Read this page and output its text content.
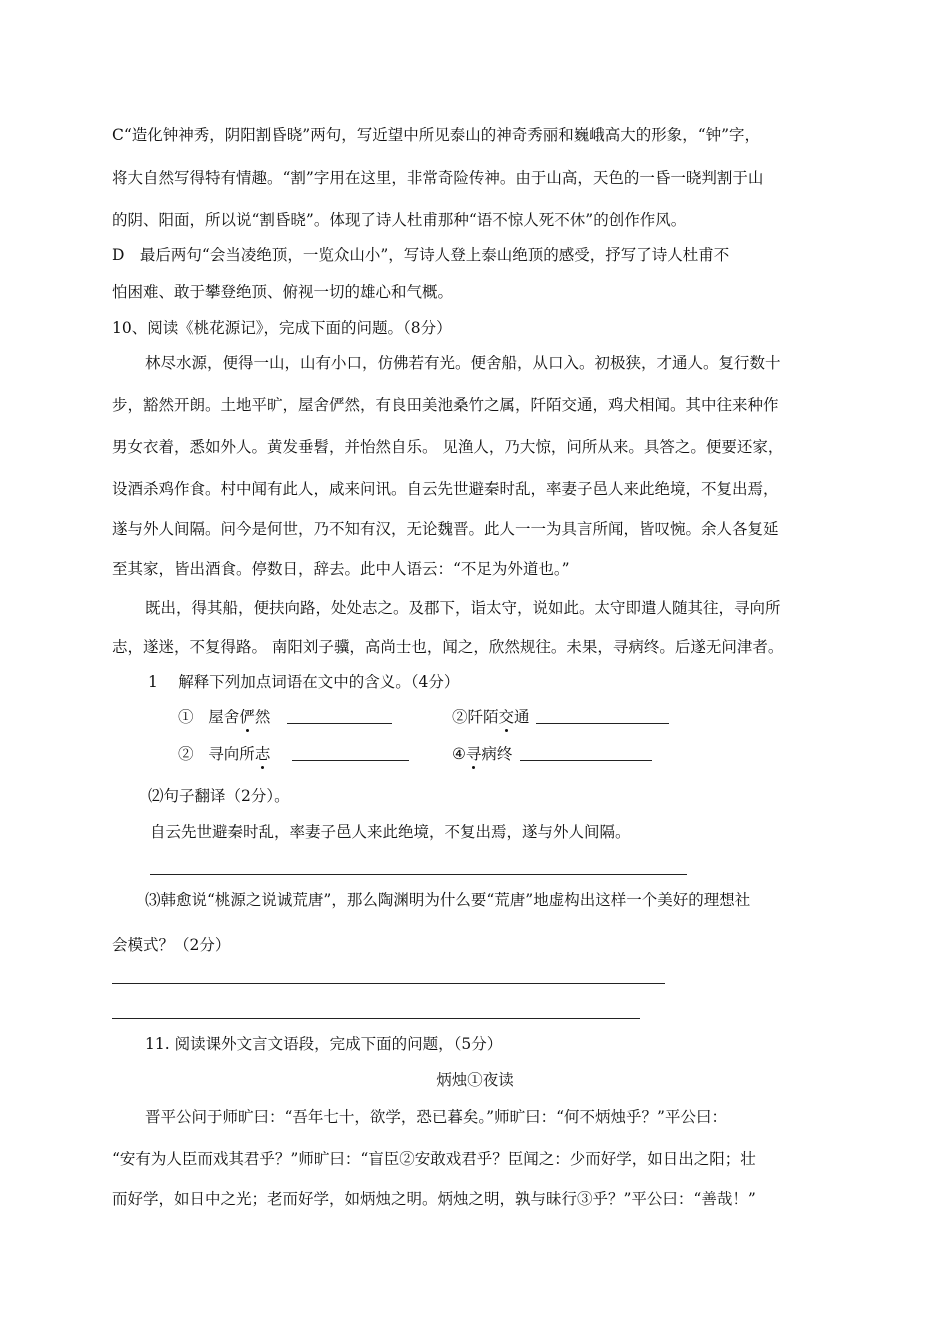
C“造化钟神秀，阴阳割昏晓”两句，写近望中所见泰山的神奇秀丽和巍峨高大的形象，“钟”字，
将大自然写得特有情趣。“割”字用在这里，非常奇险传神。由于山高，天色的一昏一晓判割于山
的阴、阳面，所以说“割昏晓”。体现了诗人杜甫那种“语不惊人死不休”的创作作风。
D　最后两句“会当凌绝顶，一览众山小”，写诗人登上泰山绝顶的感受，抒写了诗人杜甫不
怕困难、敢于攀登绝顶、俯视一切的雄心和气概。
10、阅读《桃花源记》，完成下面的问题。（8分）
林尽水源，便得一山，山有小口，仿佛若有光。便舍船，从口入。初极狭，才通人。复行数十
步，豁然开朗。土地平旷，屋舍俨然，有良田美池桑竹之属，阡陌交通，鸡犬相闻。其中往来种作
男女衣着，悉如外人。黄发垂髫，并怡然自乐。 见渔人，乃大惊，问所从来。具答之。便要还家，
设酒杀鸡作食。村中闻有此人，咸来问讯。自云先世避秦时乱，率妻子邑人来此绝境，不复出焉，
遂与外人间隔。问今是何世，乃不知有汉，无论魏晋。此人一一为具言所闻，皆叹惋。余人各复延
至其家，皆出酒食。停数日，辞去。此中人语云：“不足为外道也。”
既出，得其船，便扶向路，处处志之。及郡下，诣太守，说如此。太守即遣人随其往，寻向所
志，遂迷，不复得路。 南阳刘子骥，高尚士也，闻之，欣然规往。未果，寻病终。后遂无问津者。
1　 解释下列加点词语在文中的含义。（4分）
① 屋舍俨然	②阡陌交通
② 寻向所志	④寻病终
⑵句子翻译（2分）。
自云先世避秦时乱，率妻子邑人来此绝境，不复出焉，遂与外人间隔。
⑶韩愈说“桃源之说诚荒唐”，那么陶渊明为什么要“荒唐”地虚构出这样一个美好的理想社
会模式？（2分）
11. 阅读课外文言文语段，完成下面的问题，（5分）
炳烛①夜读
晋平公问于师旷曰：“吾年七十，欲学，恐已暮矣。”师旷曰：“何不炳烛乎？”平公曰：
“安有为人臣而戏其君乎？”师旷曰：“盲臣②安敢戏君乎？臣闻之：少而好学，如日出之阳；壮
而好学，如日中之光；老而好学，如炳烛之明。炳烛之明，孰与昧行③乎？”平公曰：“善哉！”
